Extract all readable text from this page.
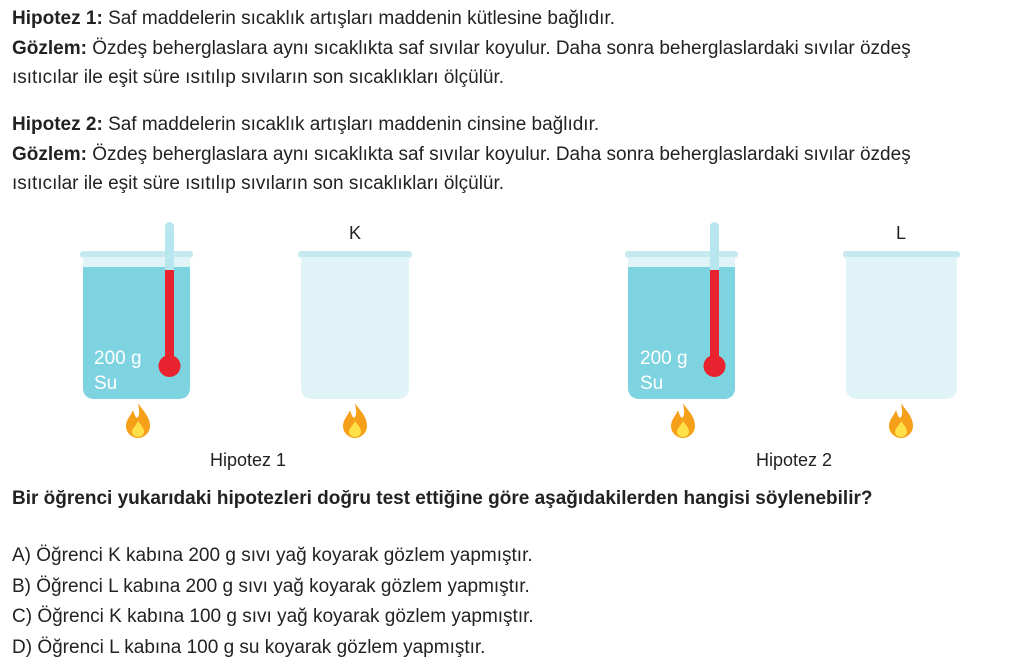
Hipotez 1: Saf maddelerin sıcaklık artışları maddenin kütlesine bağlıdır.
Gözlem: Özdeş beherglaslara aynı sıcaklıkta saf sıvılar koyulur. Daha sonra beherglaslardaki sıvılar özdeş
ısıtıcılar ile eşit süre ısıtılıp sıvıların son sıcaklıkları ölçülür.
Hipotez 2: Saf maddelerin sıcaklık artışları maddenin cinsine bağlıdır.
Gözlem: Özdeş beherglaslara aynı sıcaklıkta saf sıvılar koyulur. Daha sonra beherglaslardaki sıvılar özdeş
ısıtıcılar ile eşit süre ısıtılıp sıvıların son sıcaklıkları ölçülür.
200 g
Su
K
Hipotez 1
200 g
Su
L
Hipotez 2
Bir öğrenci yukarıdaki hipotezleri doğru test ettiğine göre aşağıdakilerden hangisi söylenebilir?
A) Öğrenci K kabına 200 g sıvı yağ koyarak gözlem yapmıştır.
B) Öğrenci L kabına 200 g sıvı yağ koyarak gözlem yapmıştır.
C) Öğrenci K kabına 100 g sıvı yağ koyarak gözlem yapmıştır.
D) Öğrenci L kabına 100 g su koyarak gözlem yapmıştır.
